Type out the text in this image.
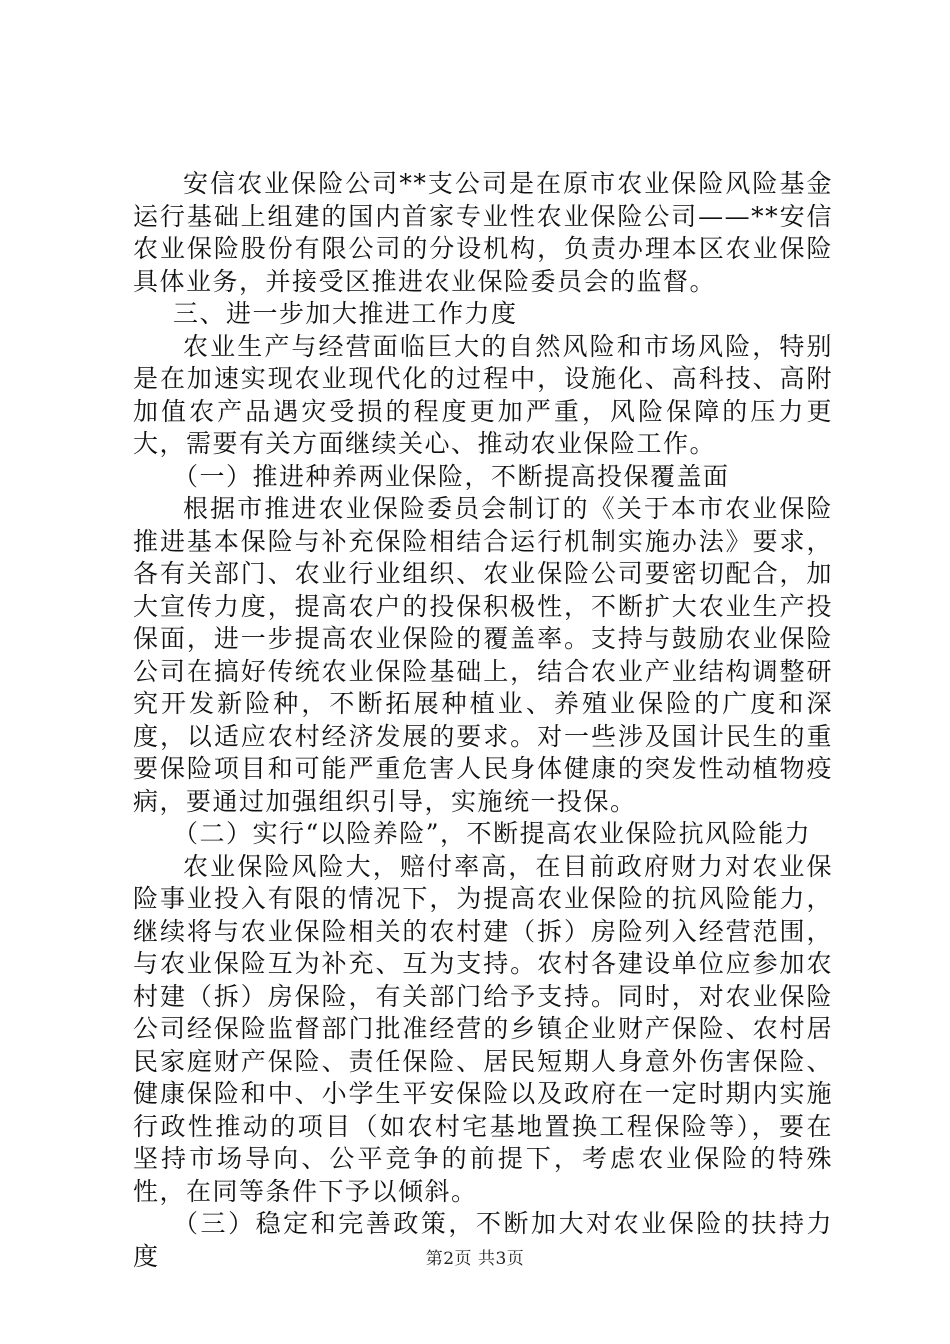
安信农业保险公司**支公司是在原市农业保险风险基金运行基础上组建的国内首家专业性农业保险公司——**安信农业保险股份有限公司的分设机构，负责办理本区农业保险具体业务，并接受区推进农业保险委员会的监督。

三、进一步加大推进工作力度

农业生产与经营面临巨大的自然风险和市场风险，特别是在加速实现农业现代化的过程中，设施化、高科技、高附加值农产品遇灾受损的程度更加严重，风险保障的压力更大，需要有关方面继续关心、推动农业保险工作。

（一）推进种养两业保险，不断提高投保覆盖面

根据市推进农业保险委员会制订的《关于本市农业保险推进基本保险与补充保险相结合运行机制实施办法》要求，各有关部门、农业行业组织、农业保险公司要密切配合，加大宣传力度，提高农户的投保积极性，不断扩大农业生产投保面，进一步提高农业保险的覆盖率。支持与鼓励农业保险公司在搞好传统农业保险基础上，结合农业产业结构调整研究开发新险种，不断拓展种植业、养殖业保险的广度和深度，以适应农村经济发展的要求。对一些涉及国计民生的重要保险项目和可能严重危害人民身体健康的突发性动植物疫病，要通过加强组织引导，实施统一投保。

（二）实行“以险养险”，不断提高农业保险抗风险能力

农业保险风险大，赔付率高，在目前政府财力对农业保险事业投入有限的情况下，为提高农业保险的抗风险能力，继续将与农业保险相关的农村建（拆）房险列入经营范围，与农业保险互为补充、互为支持。农村各建设单位应参加农村建（拆）房保险，有关部门给予支持。同时，对农业保险公司经保险监督部门批准经营的乡镇企业财产保险、农村居民家庭财产保险、责任保险、居民短期人身意外伤害保险、健康保险和中、小学生平安保险以及政府在一定时期内实施行政性推动的项目（如农村宅基地置换工程保险等），要在坚持市场导向、公平竞争的前提下，考虑农业保险的特殊性，在同等条件下予以倾斜。

（三）稳定和完善政策，不断加大对农业保险的扶持力度	第2页 共3页
